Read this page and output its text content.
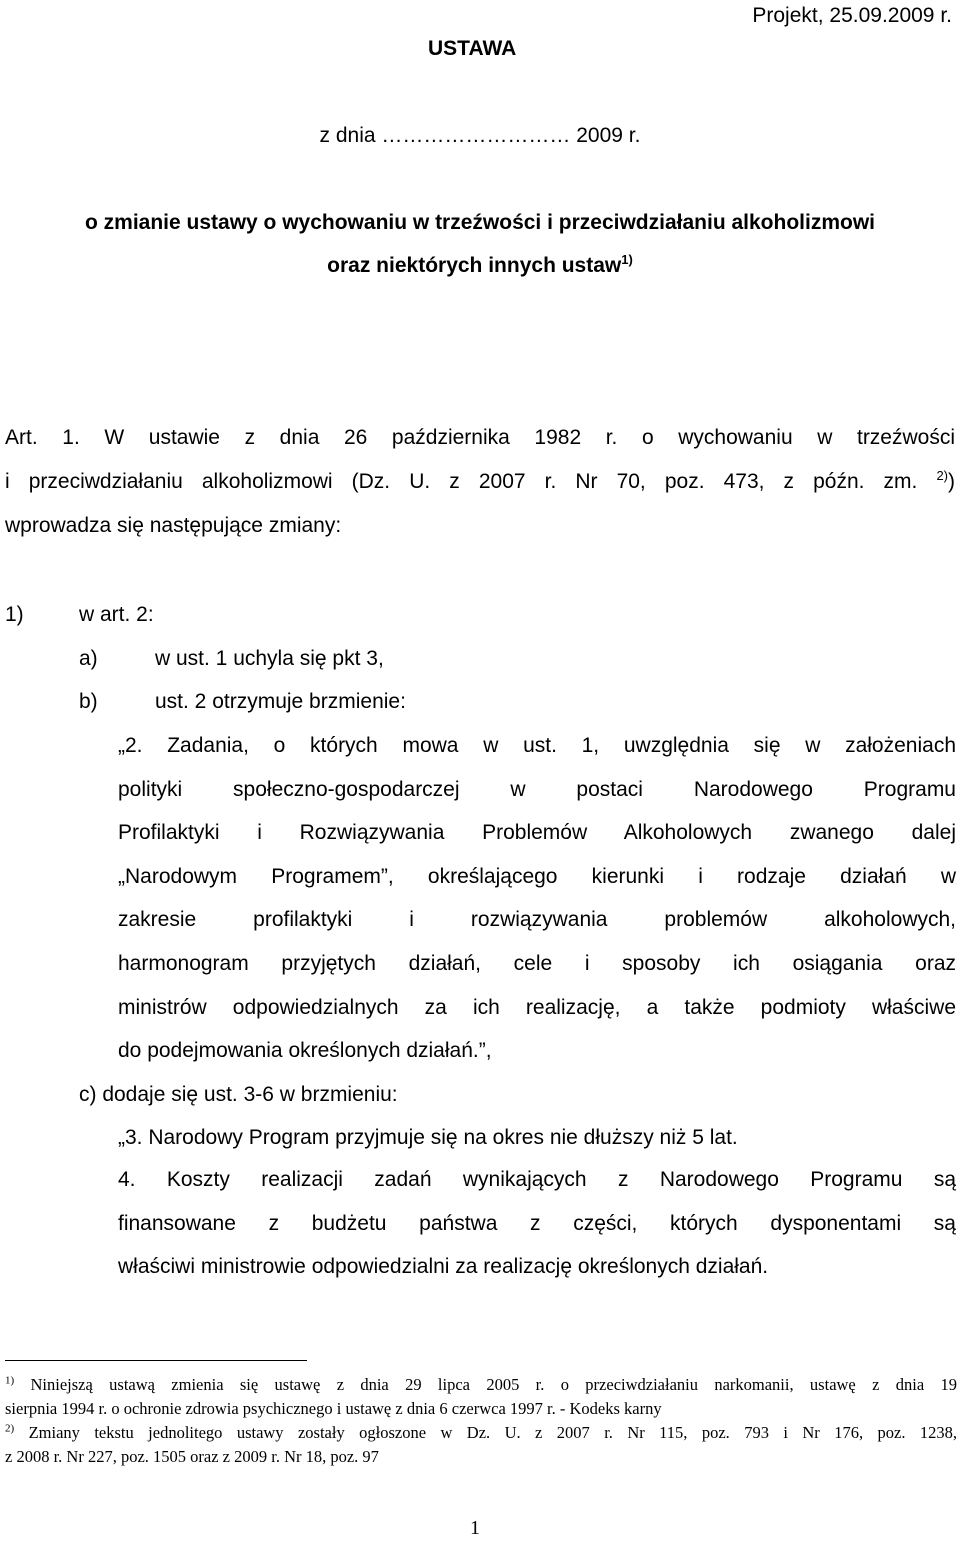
Projekt, 25.09.2009 r.
USTAWA
z dnia ……………………… 2009 r.
o zmianie ustawy o wychowaniu w trzeźwości i przeciwdziałaniu alkoholizmowi
oraz niektórych innych ustaw$^{1)}$
Art. 1. W ustawie z dnia 26 października 1982 r. o wychowaniu w trzeźwości
i przeciwdziałaniu alkoholizmowi (Dz. U. z 2007 r. Nr 70, poz. 473, z późn. zm. $^{2)}$)
wprowadza się następujące zmiany:
1)	w art. 2:
a)	w ust. 1 uchyla się pkt 3,
b)	ust. 2 otrzymuje brzmienie:
„2. Zadania, o których mowa w ust. 1, uwzględnia się w założeniach
polityki społeczno-gospodarczej w postaci Narodowego Programu
Profilaktyki i Rozwiązywania Problemów Alkoholowych zwanego dalej
„Narodowym Programem”, określającego kierunki i rodzaje działań w
zakresie profilaktyki i rozwiązywania problemów alkoholowych,
harmonogram przyjętych działań, cele i sposoby ich osiągania oraz
ministrów odpowiedzialnych za ich realizację, a także podmioty właściwe
do podejmowania określonych działań.”,
c) dodaje się ust. 3-6 w brzmieniu:
„3. Narodowy Program przyjmuje się na okres nie dłuższy niż 5 lat.
4. Koszty realizacji zadań wynikających z Narodowego Programu są
finansowane z budżetu państwa z części, których dysponentami są
właściwi ministrowie odpowiedzialni za realizację określonych działań.
$^{1)}$ Niniejszą ustawą zmienia się ustawę z dnia 29 lipca 2005 r. o przeciwdziałaniu narkomanii, ustawę z dnia 19
sierpnia 1994 r. o ochronie zdrowia psychicznego i ustawę z dnia 6 czerwca 1997 r. - Kodeks karny
$^{2)}$ Zmiany tekstu jednolitego ustawy zostały ogłoszone w Dz. U. z 2007 r. Nr 115, poz. 793 i Nr 176, poz. 1238,
z 2008 r. Nr 227, poz. 1505 oraz z 2009 r. Nr 18, poz. 97
1
